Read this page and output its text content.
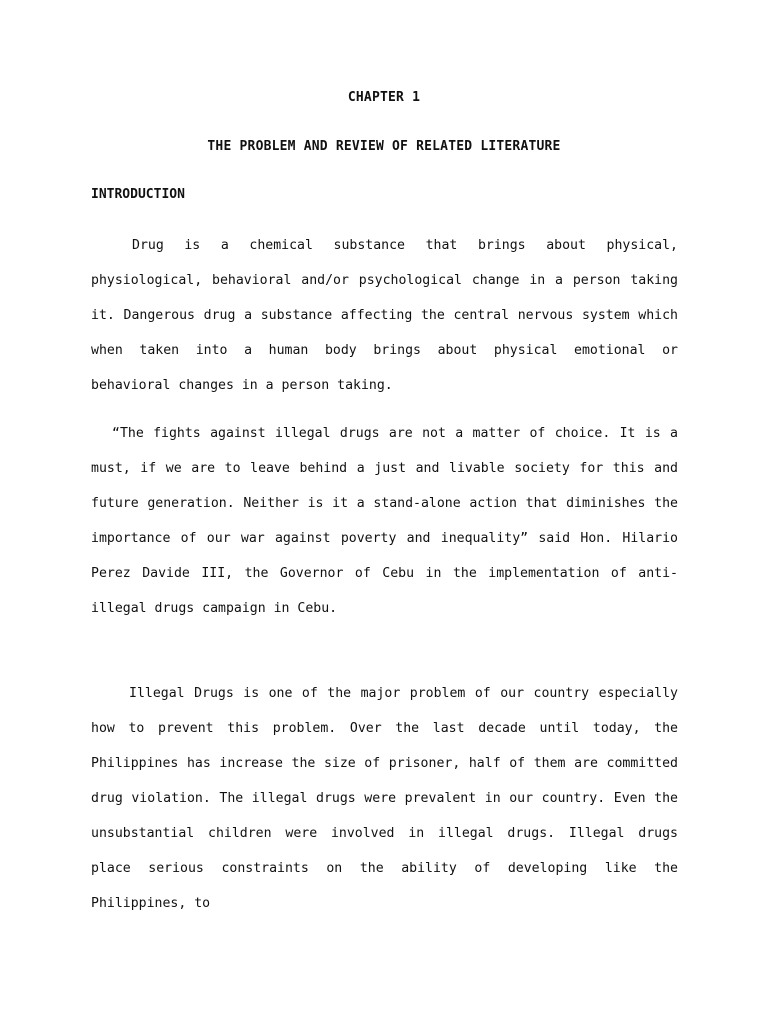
CHAPTER 1
THE PROBLEM AND REVIEW OF RELATED LITERATURE
INTRODUCTION

Drug is a chemical substance that brings about physical, physiological, behavioral and/or psychological change in a person taking it. Dangerous drug a substance affecting the central nervous system which when taken into a human body brings about physical emotional or behavioral changes in a person taking.

“The fights against illegal drugs are not a matter of choice. It is a must, if we are to leave behind a just and livable society for this and future generation. Neither is it a stand-alone action that diminishes the importance of our war against poverty and inequality” said Hon. Hilario Perez Davide III, the Governor of Cebu in the implementation of anti-illegal drugs campaign in Cebu.

Illegal Drugs is one of the major problem of our country especially how to prevent this problem. Over the last decade until today, the Philippines has increase the size of prisoner, half of them are committed drug violation. The illegal drugs were prevalent in our country. Even the unsubstantial children were involved in illegal drugs. Illegal drugs place serious constraints on the ability of developing like the Philippines, to
